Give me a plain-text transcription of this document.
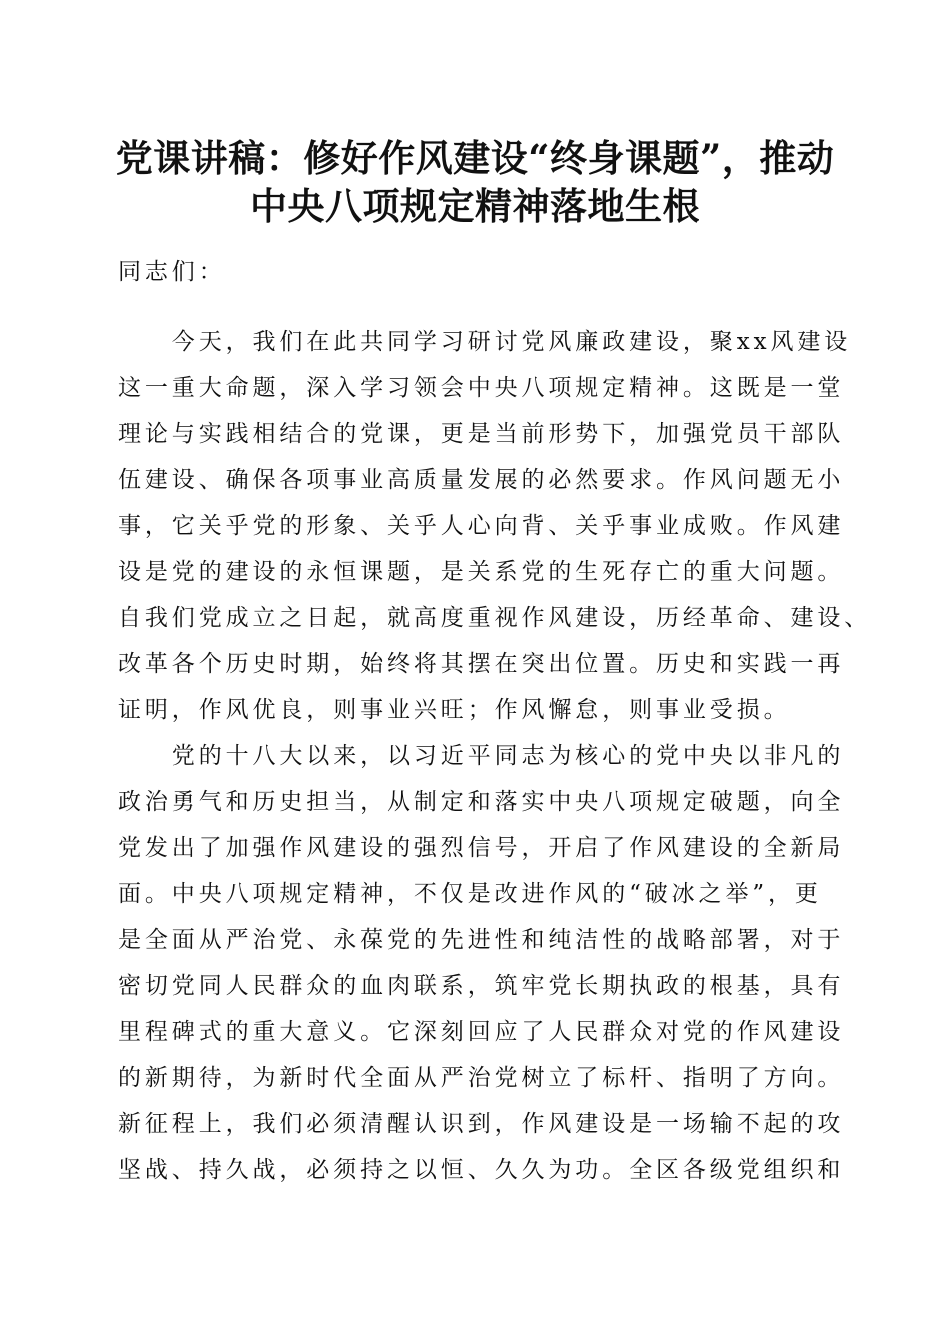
党课讲稿：修好作风建设“终身课题”，推动
中央八项规定精神落地生根
同志们：
　　今天，我们在此共同学习研讨党风廉政建设，聚xx风建设
这一重大命题，深入学习领会中央八项规定精神。这既是一堂
理论与实践相结合的党课，更是当前形势下，加强党员干部队
伍建设、确保各项事业高质量发展的必然要求。作风问题无小
事，它关乎党的形象、关乎人心向背、关乎事业成败。作风建
设是党的建设的永恒课题，是关系党的生死存亡的重大问题。
自我们党成立之日起，就高度重视作风建设，历经革命、建设、
改革各个历史时期，始终将其摆在突出位置。历史和实践一再
证明，作风优良，则事业兴旺；作风懈怠，则事业受损。
　　党的十八大以来，以习近平同志为核心的党中央以非凡的
政治勇气和历史担当，从制定和落实中央八项规定破题，向全
党发出了加强作风建设的强烈信号，开启了作风建设的全新局
面。中央八项规定精神，不仅是改进作风的“破冰之举”，更
是全面从严治党、永葆党的先进性和纯洁性的战略部署，对于
密切党同人民群众的血肉联系，筑牢党长期执政的根基，具有
里程碑式的重大意义。它深刻回应了人民群众对党的作风建设
的新期待，为新时代全面从严治党树立了标杆、指明了方向。
新征程上，我们必须清醒认识到，作风建设是一场输不起的攻
坚战、持久战，必须持之以恒、久久为功。全区各级党组织和
